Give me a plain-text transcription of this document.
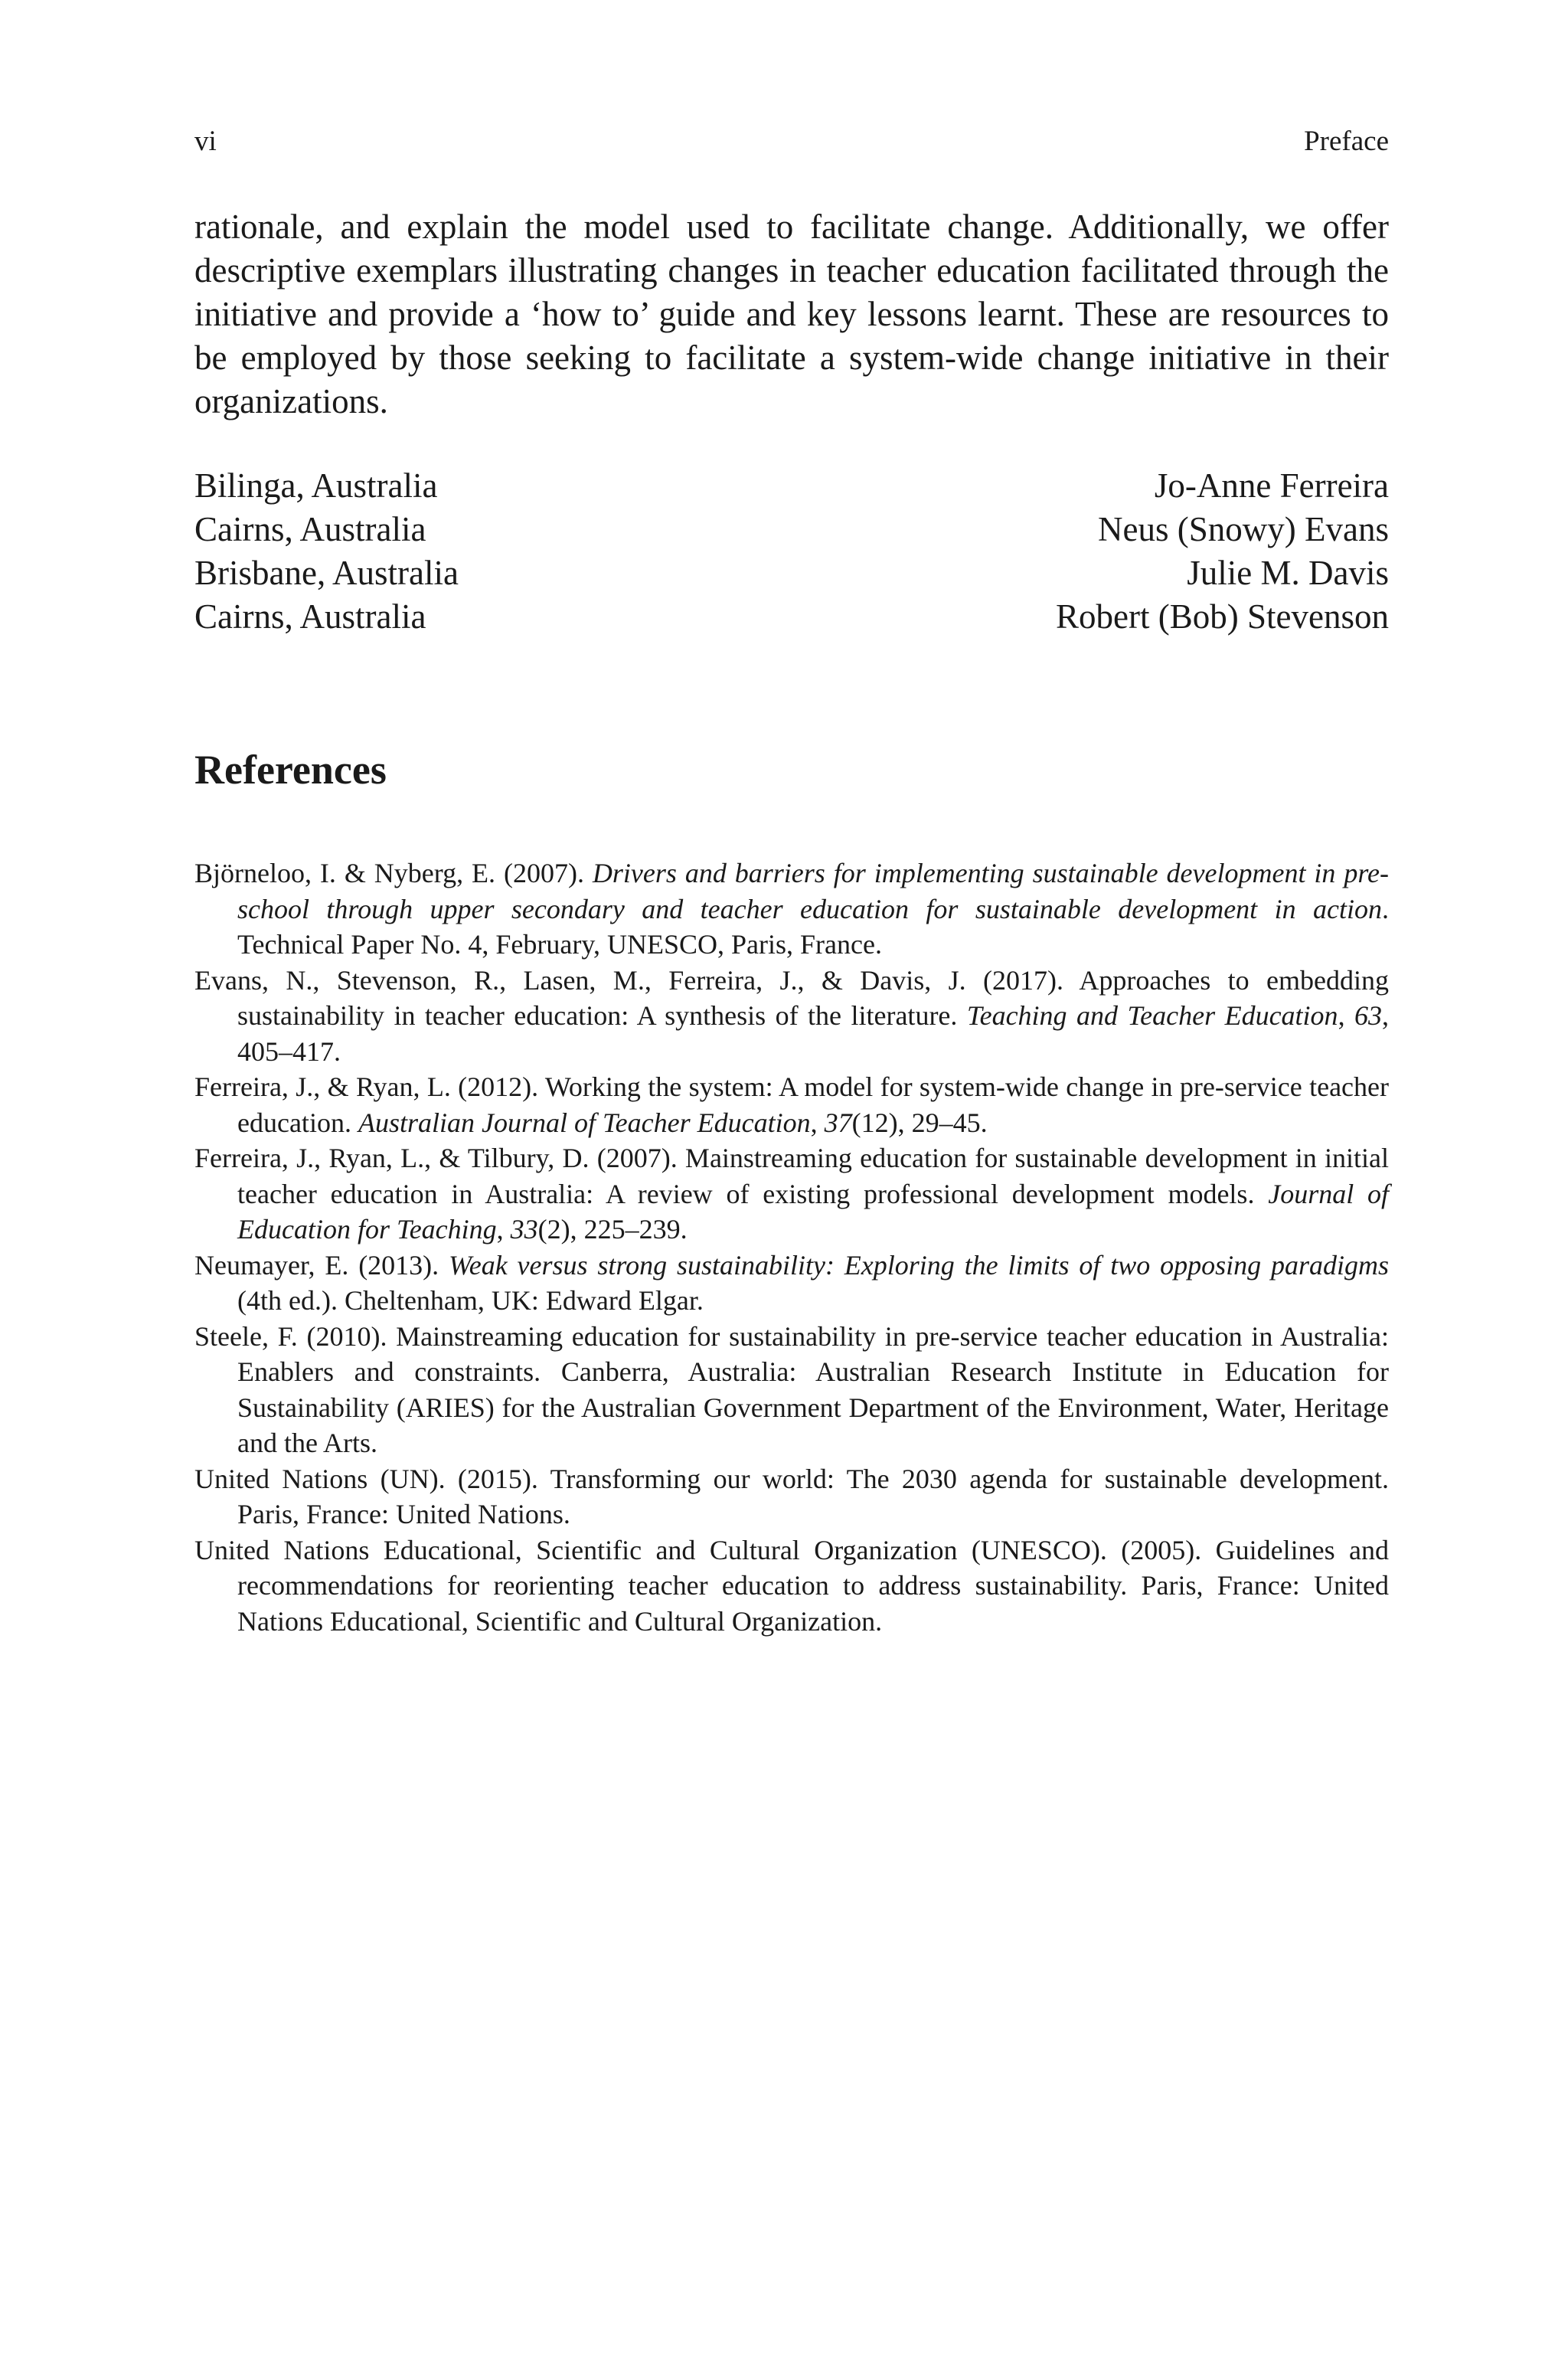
vi	Preface

rationale, and explain the model used to facilitate change. Additionally, we offer descriptive exemplars illustrating changes in teacher education facilitated through the initiative and provide a ‘how to’ guide and key lessons learnt. These are resources to be employed by those seeking to facilitate a system-wide change initiative in their organizations.

Bilinga, Australia	Jo-Anne Ferreira
Cairns, Australia	Neus (Snowy) Evans
Brisbane, Australia	Julie M. Davis
Cairns, Australia	Robert (Bob) Stevenson
References

Bjӧrneloo, I. & Nyberg, E. (2007). Drivers and barriers for implementing sustainable development in pre-school through upper secondary and teacher education for sustainable development in action. Technical Paper No. 4, February, UNESCO, Paris, France.

Evans, N., Stevenson, R., Lasen, M., Ferreira, J., & Davis, J. (2017). Approaches to embedding sustainability in teacher education: A synthesis of the literature. Teaching and Teacher Education, 63, 405–417.

Ferreira, J., & Ryan, L. (2012). Working the system: A model for system-wide change in pre-service teacher education. Australian Journal of Teacher Education, 37(12), 29–45.

Ferreira, J., Ryan, L., & Tilbury, D. (2007). Mainstreaming education for sustainable development in initial teacher education in Australia: A review of existing professional development models. Journal of Education for Teaching, 33(2), 225–239.

Neumayer, E. (2013). Weak versus strong sustainability: Exploring the limits of two opposing paradigms (4th ed.). Cheltenham, UK: Edward Elgar.

Steele, F. (2010). Mainstreaming education for sustainability in pre-service teacher education in Australia: Enablers and constraints. Canberra, Australia: Australian Research Institute in Education for Sustainability (ARIES) for the Australian Government Department of the Environment, Water, Heritage and the Arts.

United Nations (UN). (2015). Transforming our world: The 2030 agenda for sustainable development. Paris, France: United Nations.

United Nations Educational, Scientific and Cultural Organization (UNESCO). (2005). Guidelines and recommendations for reorienting teacher education to address sustainability. Paris, France: United Nations Educational, Scientific and Cultural Organization.
